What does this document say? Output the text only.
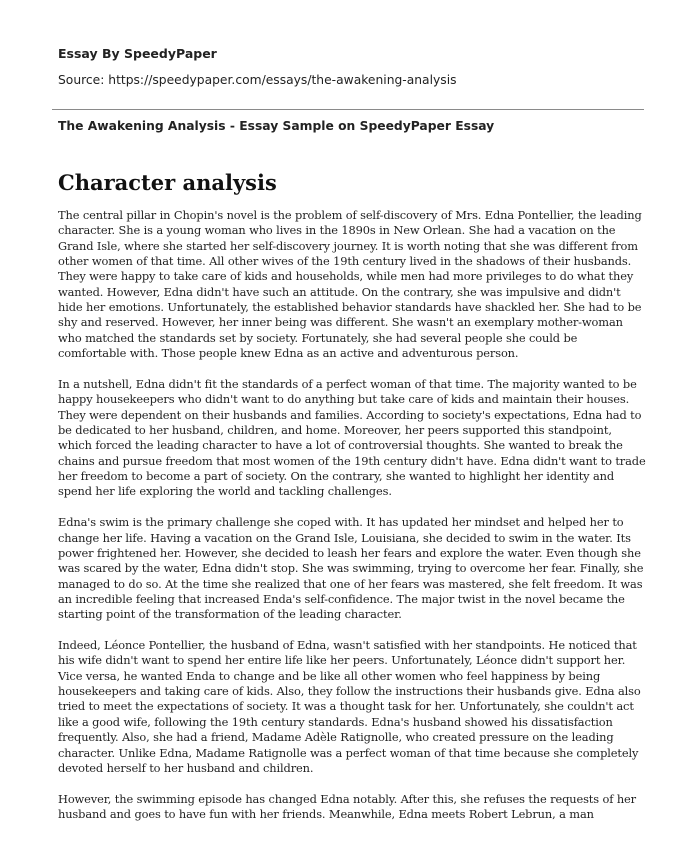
Essay By SpeedyPaper
Source: https://speedypaper.com/essays/the-awakening-analysis
The Awakening Analysis - Essay Sample on SpeedyPaper Essay
Character analysis

The central pillar in Chopin's novel is the problem of self-discovery of Mrs. Edna Pontellier, the leading character. She is a young woman who lives in the 1890s in New Orlean. She had a vacation on the Grand Isle, where she started her self-discovery journey. It is worth noting that she was different from other women of that time. All other wives of the 19th century lived in the shadows of their husbands. They were happy to take care of kids and households, while men had more privileges to do what they wanted. However, Edna didn't have such an attitude. On the contrary, she was impulsive and didn't hide her emotions. Unfortunately, the established behavior standards have shackled her. She had to be shy and reserved. However, her inner being was different. She wasn't an exemplary mother-woman who matched the standards set by society. Fortunately, she had several people she could be comfortable with. Those people knew Edna as an active and adventurous person.

In a nutshell, Edna didn't fit the standards of a perfect woman of that time. The majority wanted to be happy housekeepers who didn't want to do anything but take care of kids and maintain their houses. They were dependent on their husbands and families. According to society's expectations, Edna had to be dedicated to her husband, children, and home. Moreover, her peers supported this standpoint, which forced the leading character to have a lot of controversial thoughts. She wanted to break the chains and pursue freedom that most women of the 19th century didn't have. Edna didn't want to trade her freedom to become a part of society. On the contrary, she wanted to highlight her identity and spend her life exploring the world and tackling challenges.

Edna's swim is the primary challenge she coped with. It has updated her mindset and helped her to change her life. Having a vacation on the Grand Isle, Louisiana, she decided to swim in the water. Its power frightened her. However, she decided to leash her fears and explore the water. Even though she was scared by the water, Edna didn't stop. She was swimming, trying to overcome her fear. Finally, she managed to do so. At the time she realized that one of her fears was mastered, she felt freedom. It was an incredible feeling that increased Enda's self-confidence. The major twist in the novel became the starting point of the transformation of the leading character.

Indeed, Léonce Pontellier, the husband of Edna, wasn't satisfied with her standpoints. He noticed that his wife didn't want to spend her entire life like her peers. Unfortunately, Léonce didn't support her. Vice versa, he wanted Enda to change and be like all other women who feel happiness by being housekeepers and taking care of kids. Also, they follow the instructions their husbands give. Edna also tried to meet the expectations of society. It was a thought task for her. Unfortunately, she couldn't act like a good wife, following the 19th century standards. Edna's husband showed his dissatisfaction frequently. Also, she had a friend, Madame Adèle Ratignolle, who created pressure on the leading character. Unlike Edna, Madame Ratignolle was a perfect woman of that time because she completely devoted herself to her husband and children.

However, the swimming episode has changed Edna notably. After this, she refuses the requests of her husband and goes to have fun with her friends. Meanwhile, Edna meets Robert Lebrun, a man
